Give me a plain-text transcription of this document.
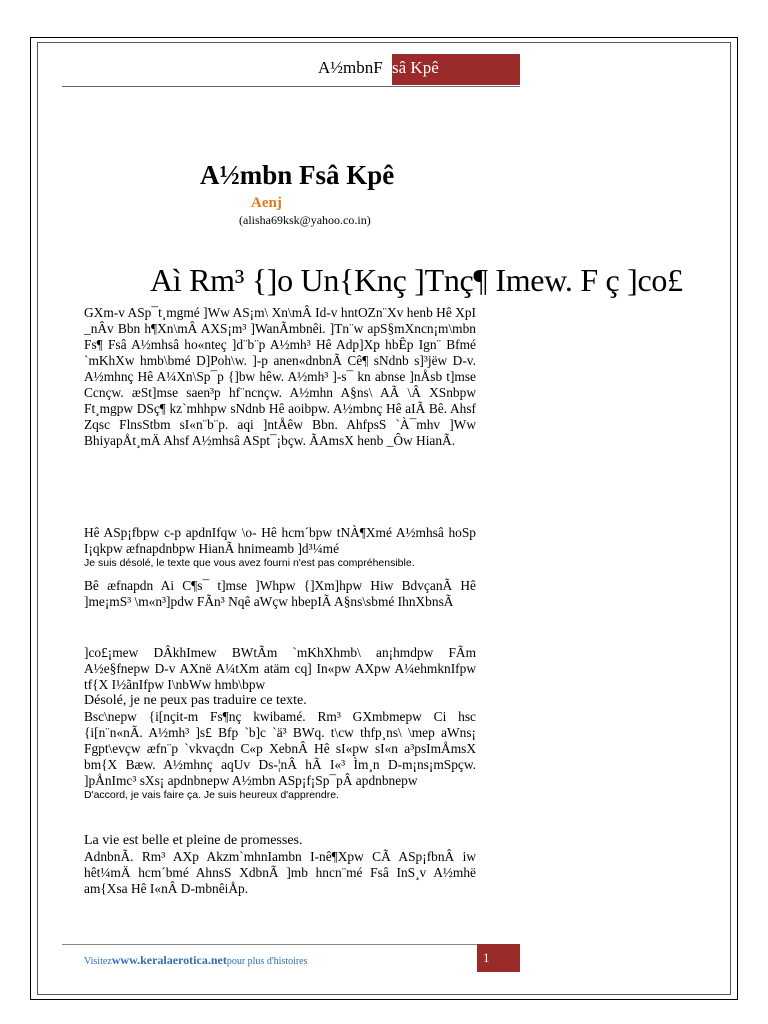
A½mbnF sâ Kpê
A½mbn Fsâ Kpê
Aenj
(alisha69ksk@yahoo.co.in)
Aì Rm³ {]o Un{Knç ]Tnç¶ Imew. F ç ]co£

GXm-v ASp¯t¸mgmé ]Ww AS¡m\ Xn\mÂ Id-v hntOZn¨Xv henb Hê XpI _nÂv Bbn h¶Xn\mÂ AXS¡m³ ]WanÃmbnêi. ]Tn¨w apS§mXncn¡m\mbn Fs¶ Fsâ A½mhsâ ho«nteç ]d¨b¨p A½mh³ Hê Adp]Xp hbÊp Ign¨ Bfmé `mKhXw hmb\bmé D]Poh\w. ]-p anen«dnbnÃ Cê¶ sNdnb s]³jëw D-v. A½mhnç Hê A¼Xn\Sp¯p {]bw hêw. A½mh³ ]-s¯ kn abnse ]nÅsb t]mse Ccnçw. æSt]mse saen³p hf¨ncnçw. A½mhn A§ns\ AÃ \Â XSnbpw Ft¸mgpw DSç¶ kz`mhhpw sNdnb Hê aoibpw. A½mbnç Hê aIÃ Bê. Ahsf Zqsc FlnsStbm sI«n¨b¨p. aqi ]ntÅêw Bbn. AhfpsS `À¯mhv ]Ww BhiyapÅt¸mÄ Ahsf A½mhsâ ASpt¯¡bçw. ÃAmsX henb _Ôw HianÃ.

Hê ASp¡fbpw c-p apdnIfqw \o- Hê hcm´bpw tNÀ¶Xmé A½mhsâ hoSp I¡qkpw æfnapdnbpw HianÃ hnimeamb ]d³¼mé

Je suis désolé, le texte que vous avez fourni n'est pas compréhensible.

Bê æfnapdn Ai C¶s¯ t]mse ]Whpw {]Xm]hpw Hiw BdvçanÃ Hê ]me¡mS³ \m«n³]pdw FÃn³ Nqê aWçw hbepIÃ A§ns\sbmé IhnXbnsÃ

]co£¡mew DÂkhImew BWtÃm `mKhXhmb\ an¡hmdpw FÃm A½e§fnepw D-v AXnë A¼tXm atäm cq] In«pw AXpw A¼ehmknIfpw tf{X I½ãnIfpw I\nbWw hmb\bpw

Désolé, je ne peux pas traduire ce texte.

Bsc\nepw {i[nçit-m Fs¶nç kwibamé. Rm³ GXmbmepw Ci hsc {i[n¨n«nÃ. A½mh³ ]s£ Bfp `b]c `ä³ BWq. t\cw thfp¸ns\ \mep aWns¡ Fgpt\evçw æfn¨p `vkvaçdn C«p XebnÂ Hê sI«pw sI«n a³psImÅmsX bm{X Bæw. A½mhnç aqUv Ds-¦nÂ hÃ I«³ Ìm¸n D-m¡ns¡mSpçw. ]pÅnImc³ sXs¡ apdnbnepw A½mbn ASp¡f¡Sp¯pÂ apdnbnepw

D'accord, je vais faire ça. Je suis heureux d'apprendre.

La vie est belle et pleine de promesses.

AdnbnÃ. Rm³ AXp Akzm`mhnIambn I-nê¶Xpw CÃ ASp¡fbnÂ iw hêt¼mÄ hcm´bmé AhnsS XdbnÃ ]mb hncn¨mé Fsâ InS¸v A½mhë am{Xsa Hê I«nÂ D-mbnêiÅp.

Visitezwww.keralaerotica.netpour plus d'histoires	1
